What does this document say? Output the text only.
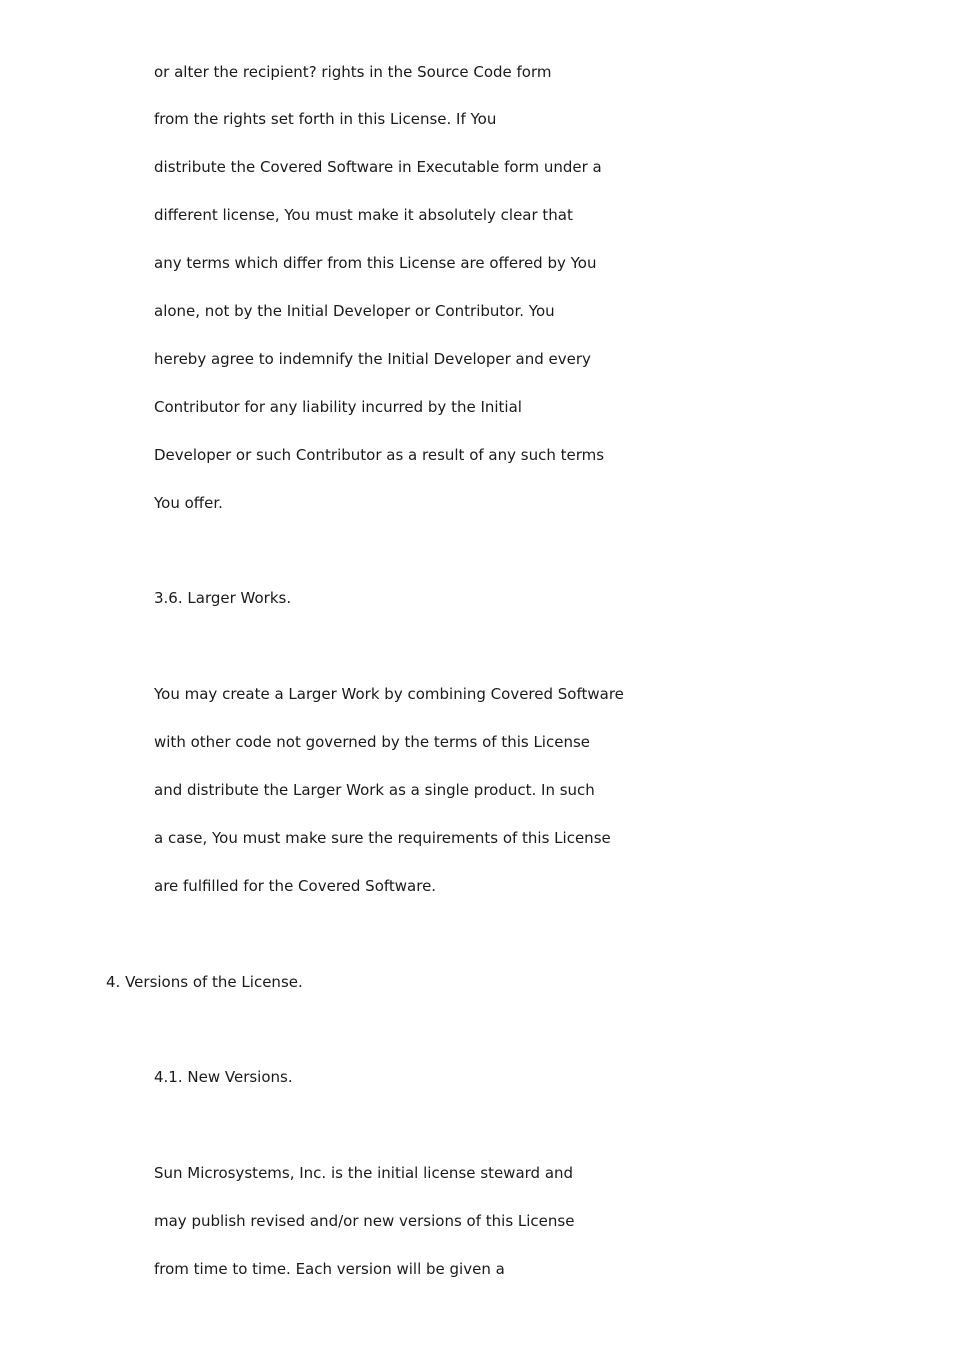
or alter the recipient? rights in the Source Code form
from the rights set forth in this License. If You
distribute the Covered Software in Executable form under a
different license, You must make it absolutely clear that
any terms which differ from this License are offered by You
alone, not by the Initial Developer or Contributor. You
hereby agree to indemnify the Initial Developer and every
Contributor for any liability incurred by the Initial
Developer or such Contributor as a result of any such terms
You offer.
3.6. Larger Works.
You may create a Larger Work by combining Covered Software
with other code not governed by the terms of this License
and distribute the Larger Work as a single product. In such
a case, You must make sure the requirements of this License
are fulfilled for the Covered Software.
4. Versions of the License.
4.1. New Versions.
Sun Microsystems, Inc. is the initial license steward and
may publish revised and/or new versions of this License
from time to time. Each version will be given a
